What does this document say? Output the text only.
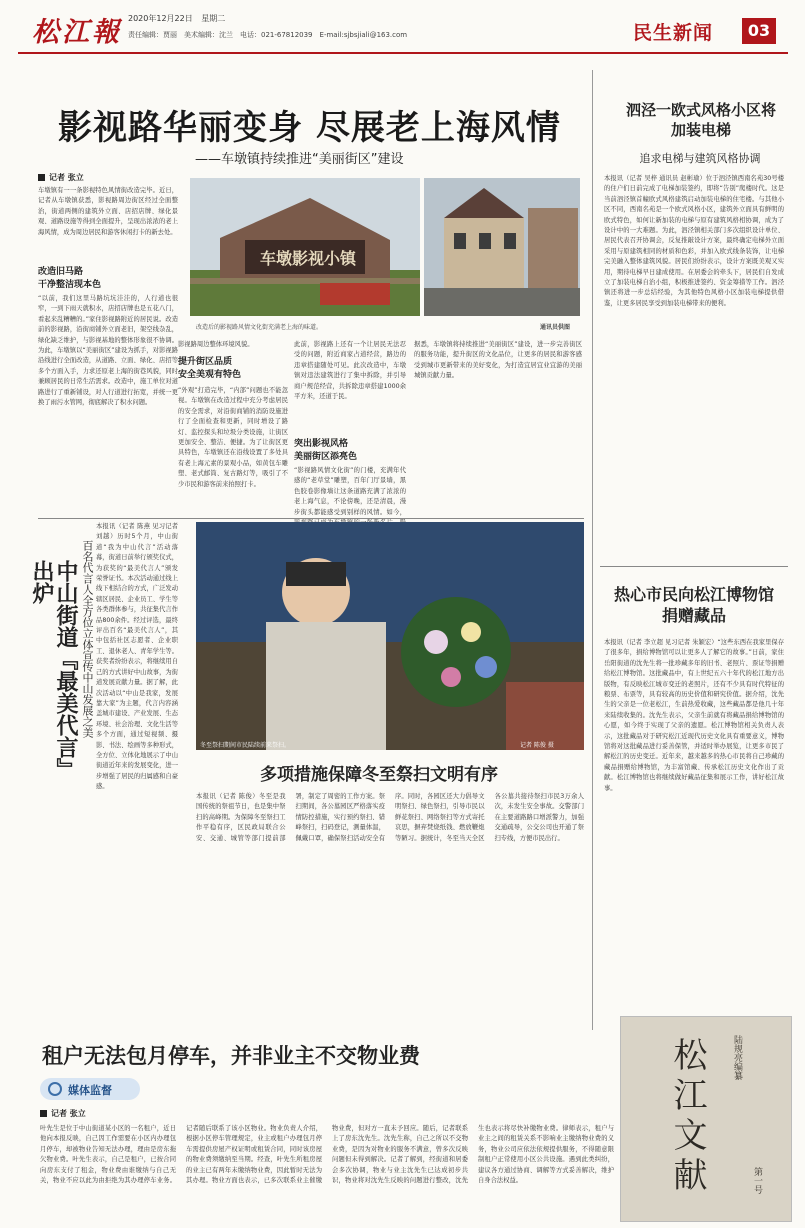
松江報 2020年12月22日 星期二
责任编辑：贾丽　美术编辑：沈兰　电话：021-67812039　E-mail:sjbsjiali@163.com	民生新闻	03
影视路华丽变身 尽展老上海风情
——车墩镇持续推进“美丽街区”建设
记者 张立
车墩镇有一一条影视特色风情街改造完毕。近日，记者从车墩镇获悉，影视路周边街区经过全面整治，街道两侧的建筑外立面、店招店牌、绿化景观、道路设施等得到全面提升，呈现出浓浓的老上海风情，成为周边居民和游客休闲打卡的新去处。
改造旧马路
干净整洁现本色
“以前，我们这里马路坑坑洼洼的，人行道也很窄，一到下雨天就积水，店招店牌也是五花八门，看起来乱糟糟的。”家住影视路附近的居民说。改造前的影视路，沿街商铺外立面老旧，架空线杂乱，绿化缺乏维护，与影视基地的整体形象很不协调。为此，车墩镇以“美丽街区”建设为抓手，对影视路沿线进行全面改造，从道路、立面、绿化、店招等多个方面入手，力求还原老上海的街巷风貌，同时兼顾居民的日常生活需求。改造中，施工单位对道路进行了重新铺设，对人行道进行拓宽，并统一更换了雨污水管网，彻底解决了积水问题。
车墩影视小镇
改造后的影视路风情文化街充满老上海的味道。	通讯员供图
影视路周边整体环境风貌。
提升街区品质
安全美观有特色
“外观”打造完毕，“内部”问题也不能忽视。车墩镇在改造过程中充分考虑居民的安全需求，对沿街商铺的消防设施进行了全面检查和更新，同时增设了路灯、监控探头和垃圾分类设施，让街区更加安全、整洁、便捷。为了让街区更具特色，车墩镇还在沿线设置了多处具有老上海元素的景观小品，如黄包车雕塑、老式邮筒、复古路灯等，吸引了不少市民和游客前来拍照打卡。
此前，影视路上还有一个让居民无法忍受的问题，附近商家占道经营，路边的违章搭建随处可见。此次改造中，车墩镇对违法建筑进行了集中拆除，并引导商户规范经营，共拆除违章搭建1000余平方米，还道于民。
突出影视风格
美丽街区添亮色
“影视路风情文化街”的门楼，充满年代感的“老草堂”雕塑，百年门厅景墙，黑色胶卷影像墙让这条道路充满了浓浓的老上海气息，不论傍晚，还是清晨，漫步街头都能感受到别样的风情。如今，
据悉，车墩镇将持续推进“美丽街区”建设，进一步完善街区的服务功能，提升街区的文化品位，让更多的居民和游客感受到城市更新带来的美好变化，为打造宜居宜业宜游的美丽城镇贡献力量。
中山街道『最美代言』出炉	百名代言人全方位立体宣传中山发展之美
本报讯（记者 陈燕 见习记者 刘越）历时5个月，中山街道“我为中山代言”活动落幕，街道日前举行颁奖仪式，为获奖的“最美代言人”颁发荣誉证书。本次活动通过线上线下相结合的方式，广泛发动辖区居民、企业员工、学生等各类群体参与，共征集代言作品800余件。经过评选，最终评出百名“最美代言人”，其中包括社区志愿者、企业职工、退休老人、青年学生等。获奖者纷纷表示，将继续用自己的方式讲好中山故事，为街道发展贡献力量。据了解，此次活动以“中山是我家，发展靠大家”为主题，代言内容涵盖城市建设、产业发展、生态环境、社会治理、文化生活等多个方面，通过短视频、摄影、书法、绘画等多种形式，全方位、立体化地展示了中山街道近年来的发展变化，进一步增强了居民的归属感和自豪感。
冬至祭扫期间市民陆续前来祭扫。	记者 陈俊 摄
多项措施保障冬至祭扫文明有序
本报讯（记者 陈俊）冬至是我国传统的祭祖节日，也是集中祭扫的高峰期。为保障冬至祭扫工作平稳有序，区民政局联合公安、交通、城管等部门提前部署，制定了周密的工作方案。祭扫期间，各公墓园区严格落实疫情防控措施，实行预约祭扫、错峰祭扫，扫码登记，测量体温，佩戴口罩，确保祭扫活动安全有序。同时，各园区还大力倡导文明祭扫、绿色祭扫，引导市民以鲜花祭扫、网络祭扫等方式寄托哀思，摒弃焚烧纸钱、燃放鞭炮等陋习。据统计，冬至当天全区各公墓共接待祭扫市民3万余人次，未发生安全事故。交警部门在主要道路路口增派警力，加强交通疏导，公交公司也开通了祭扫专线，方便市民出行。
泗泾一欧式风格小区将加装电梯
追求电梯与建筑风格协调
本报讯（记者 吴梓 通讯员 赵彬瑜）位于泗泾镇西南名苑30号楼的住户们日前完成了电梯加装签约，即将“告别”爬楼时代。这是当前泗泾镇首幢欧式风格建筑启动加装电梯的住宅楼。与其他小区不同，西南名苑是一个欧式风格小区，建筑外立面具有鲜明的欧式特色，如何让新加装的电梯与原有建筑风格相协调，成为了设计中的一大难题。为此，泗泾镇相关部门多次组织设计单位、居民代表召开协调会，反复推敲设计方案，最终确定电梯外立面采用与原建筑相同的材质和色彩，并加入欧式线条装饰，让电梯完美融入整体建筑风貌。居民们纷纷表示，设计方案既美观又实用，期待电梯早日建成使用。在居委会的牵头下，居民们自发成立了加装电梯自治小组，积极推进签约、资金筹措等工作。泗泾镇还将进一步总结经验，为其他特色风格小区加装电梯提供借鉴，让更多居民享受到加装电梯带来的便利。
热心市民向松江博物馆捐赠藏品
本报讯（记者 李立超 见习记者 朱颖宏）“这些东西在我家里保存了很多年，捐给博物馆可以让更多人了解它的故事。”日前，家住岳阳街道的沈先生将一批珍藏多年的旧书、老照片、票证等捐赠给松江博物馆。这批藏品中，有上世纪五六十年代的松江地方出版物，有反映松江城市变迁的老照片，还有不少具有时代特征的粮票、布票等，具有较高的历史价值和研究价值。据介绍，沈先生的父亲是一位老松江，生前热爱收藏，这些藏品都是他几十年来陆续收集的。沈先生表示，父亲生前就有将藏品捐给博物馆的心愿，如今终于实现了父亲的遗愿。松江博物馆相关负责人表示，这批藏品对于研究松江近现代历史文化具有重要意义，博物馆将对这批藏品进行妥善保管，并适时举办展览，让更多市民了解松江的历史变迁。近年来，越来越多的热心市民将自己珍藏的藏品捐赠给博物馆，为丰富馆藏、传承松江历史文化作出了贡献。松江博物馆也将继续做好藏品征集和展示工作，讲好松江故事。
租户无法包月停车，并非业主不交物业费
媒体监督
记者 张立
叶先生是位于中山街道某小区的一名租户，近日他向本报反映，自己因工作需要在小区内办理包月停车，却被物业告知无法办理，理由是房东拖欠物业费。叶先生表示，自己是租户，已按合同向房东支付了租金，物业费由谁缴纳与自己无关，物业不应以此为由拒绝为其办理停车业务。记者随后联系了该小区物业。物业负责人介绍，根据小区停车管理规定，业主或租户办理包月停车需提供房屋产权证明或租赁合同，同时该房屋的物业费须缴纳至当期。经查，叶先生所租房屋的业主已有两年未缴纳物业费，因此暂时无法为其办理。物业方面也表示，已多次联系业主催缴物业费，但对方一直未予回应。随后，记者联系上了房东沈先生。沈先生称，自己之所以不交物业费，是因为对物业的服务不满意，曾多次反映问题但未得到解决。记者了解到，经街道和居委会多次协调，物业与业主沈先生已达成初步共识，物业将对沈先生反映的问题进行整改，沈先生也表示将尽快补缴物业费。律师表示，租户与业主之间的租赁关系不影响业主缴纳物业费的义务，物业公司应依法依规提供服务，不得随意限制租户正常使用小区公共设施。遇到此类纠纷，建议各方通过协商、调解等方式妥善解决，维护自身合法权益。	松江文献	陆规亮编纂
第一号
